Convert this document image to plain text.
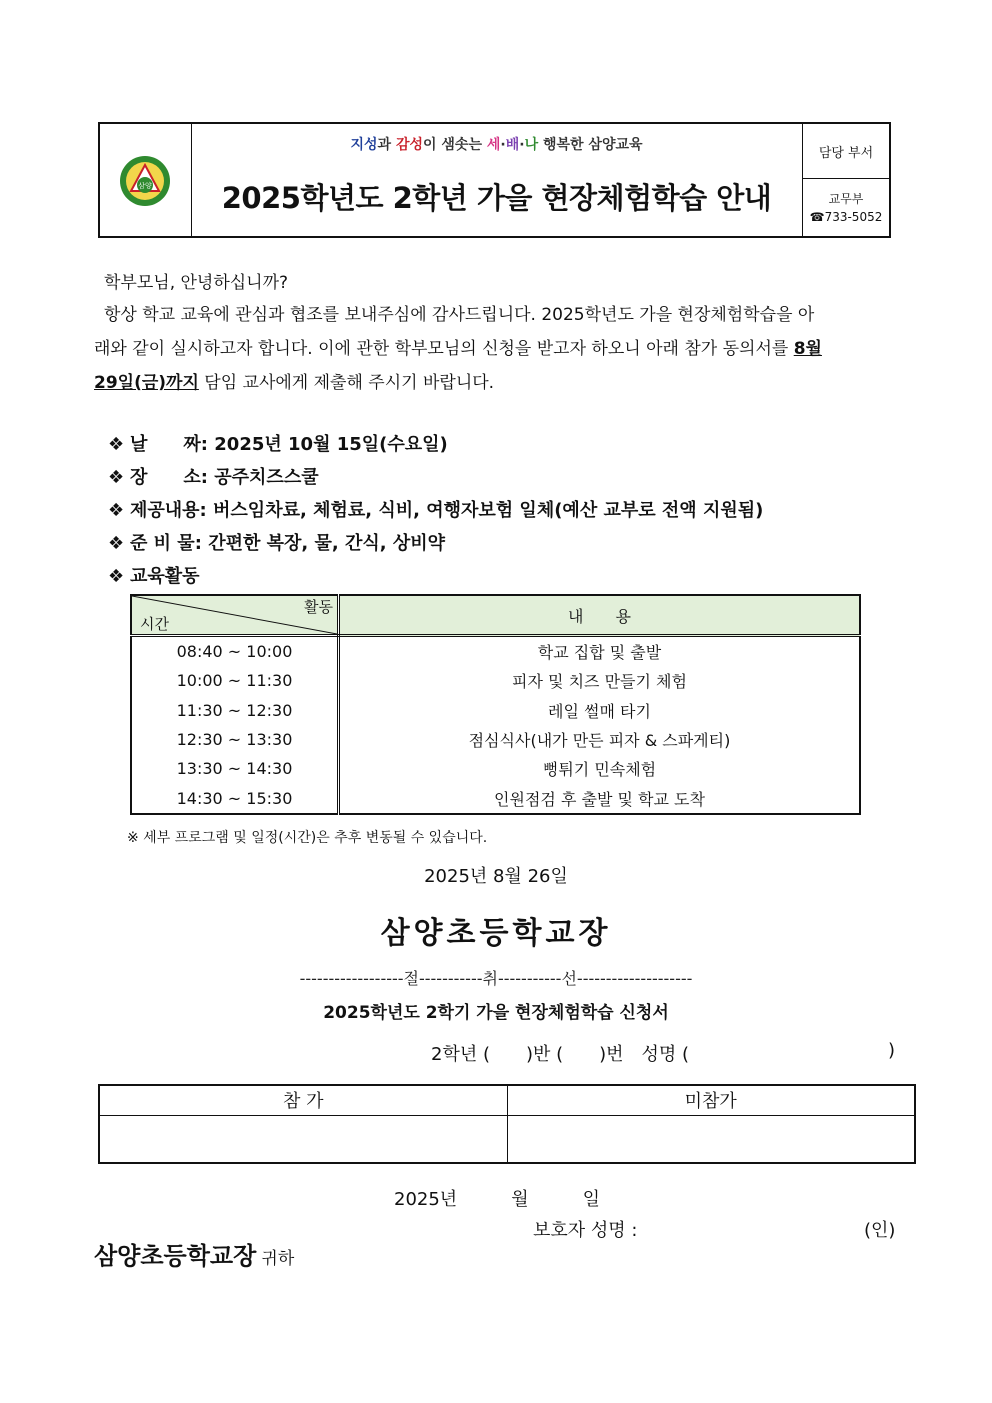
삼양
지성과 감성이 샘솟는 세·배·나 행복한 삼양교육
2025학년도 2학년 가을 현장체험학습 안내
담당 부서
교무부
☎733-5052
학부모님, 안녕하십니까?
항상 학교 교육에 관심과 협조를 보내주심에 감사드립니다. 2025학년도 가을 현장체험학습을 아
래와 같이 실시하고자 합니다. 이에 관한 학부모님의 신청을 받고자 하오니 아래 참가 동의서를 8월
29일(금)까지 담임 교사에게 제출해 주시기 바랍니다.
❖ 날　　짜: 2025년 10월 15일(수요일)
❖ 장　　소: 공주치즈스쿨
❖ 제공내용: 버스임차료, 체험료, 식비, 여행자보험 일체(예산 교부로 전액 지원됨)
❖ 준 비 물: 간편한 복장, 물, 간식, 상비약
❖ 교육활동
활동
시간	내　　용
08:40 ~ 10:00	학교 집합 및 출발
10:00 ~ 11:30	피자 및 치즈 만들기 체험
11:30 ~ 12:30	레일 썰매 타기
12:30 ~ 13:30	점심식사(내가 만든 피자 & 스파게티)
13:30 ~ 14:30	뻥튀기 민속체험
14:30 ~ 15:30	인원점검 후 출발 및 학교 도착
※ 세부 프로그램 및 일정(시간)은 추후 변동될 수 있습니다.
2025년 8월 26일
삼양초등학교장
------------------절-----------취-----------선--------------------
2025학년도 2학기 가을 현장체험학습 신청서
2학년 (　　)반 (　　)번　성명 (	)
참 가	미참가

2025년　　　월　　　일
보호자 성명 :	(인)
삼양초등학교장 귀하
